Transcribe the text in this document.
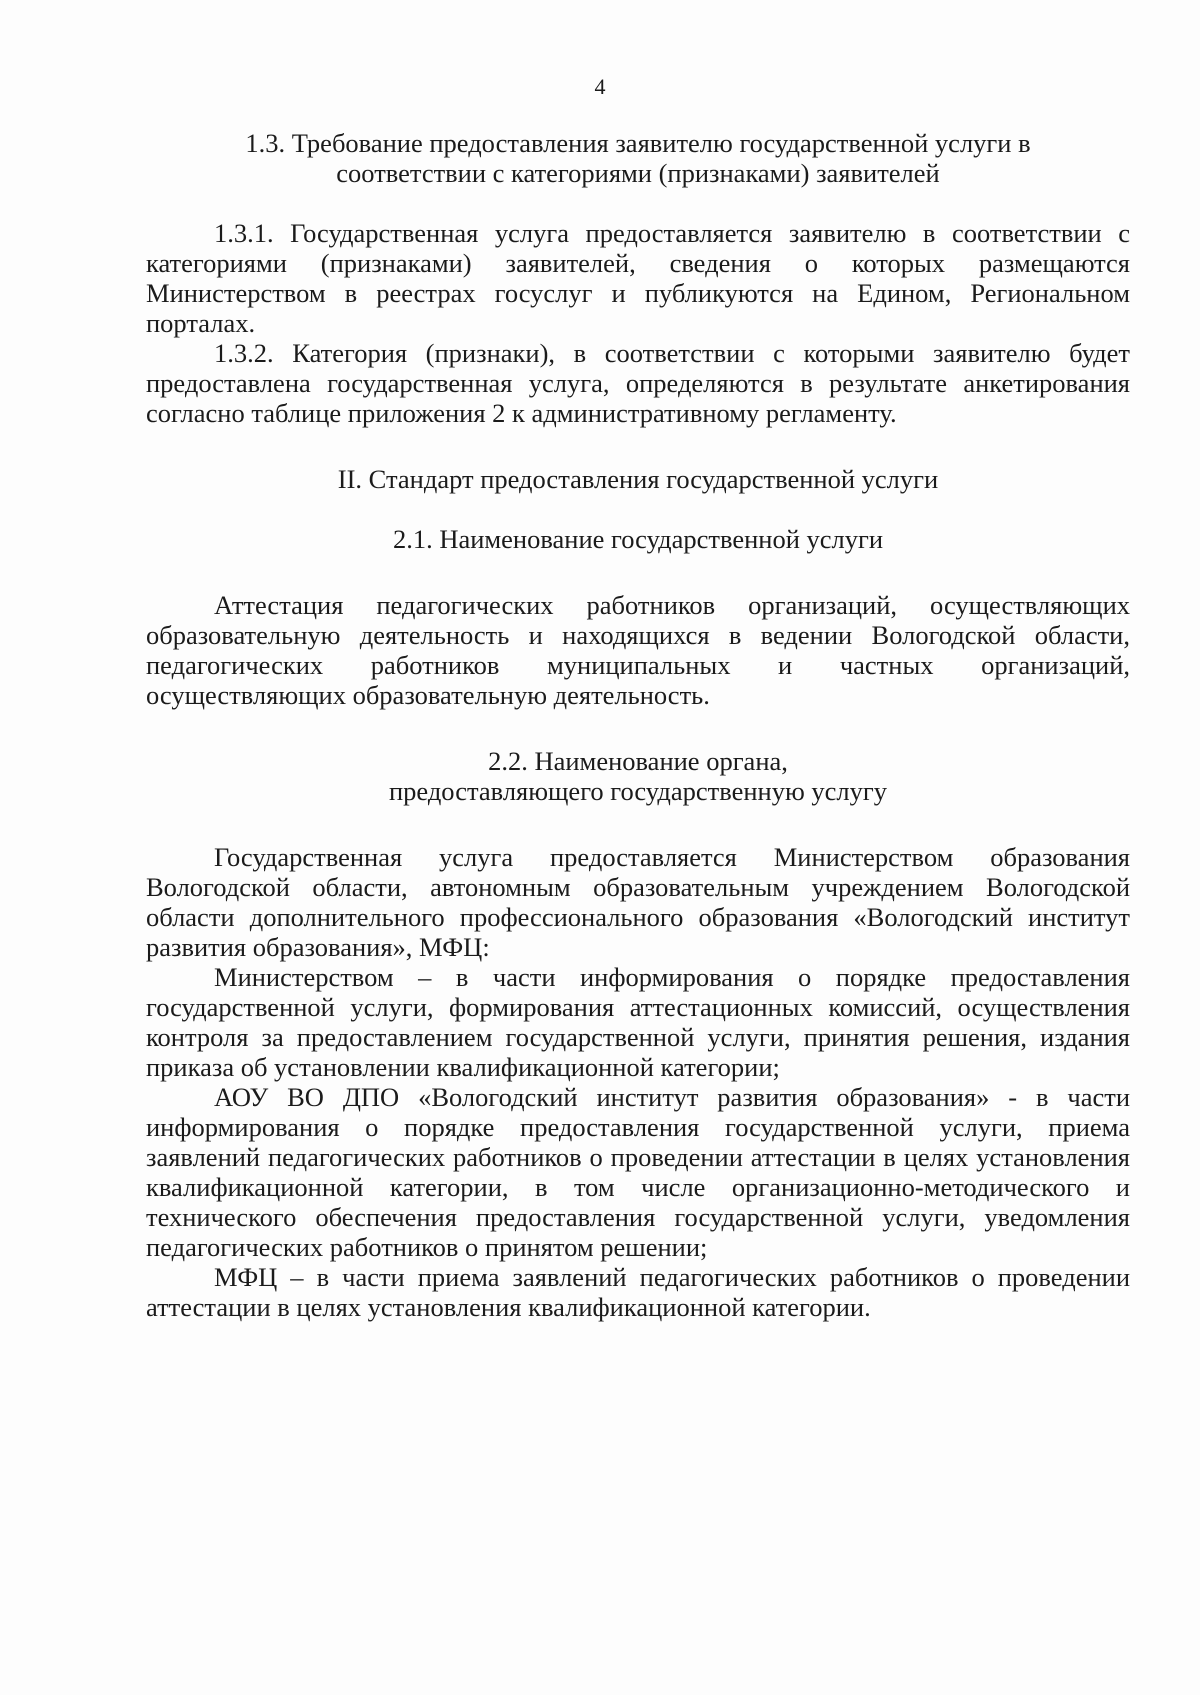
4
1.3. Требование предоставления заявителю государственной услуги в
соответствии с категориями (признаками) заявителей

1.3.1. Государственная услуга предоставляется заявителю в соответствии с категориями (признаками) заявителей, сведения о которых размещаются Министерством в реестрах госуслуг и публикуются на Едином, Региональном порталах.

1.3.2. Категория (признаки), в соответствии с которыми заявителю будет предоставлена государственная услуга, определяются в результате анкетирования согласно таблице приложения 2 к административному регламенту.

II. Стандарт предоставления государственной услуги
2.1. Наименование государственной услуги

Аттестация педагогических работников организаций, осуществляющих образовательную деятельность и находящихся в ведении Вологодской области, педагогических работников муниципальных и частных организаций, осуществляющих образовательную деятельность.

2.2. Наименование органа,
предоставляющего государственную услугу

Государственная услуга предоставляется Министерством образования Вологодской области, автономным образовательным учреждением Вологодской области дополнительного профессионального образования «Вологодский институт развития образования», МФЦ:

Министерством – в части информирования о порядке предоставления государственной услуги, формирования аттестационных комиссий, осуществления контроля за предоставлением государственной услуги, принятия решения, издания приказа об установлении квалификационной категории;

АОУ ВО ДПО «Вологодский институт развития образования» - в части информирования о порядке предоставления государственной услуги, приема заявлений педагогических работников о проведении аттестации в целях установления квалификационной категории, в том числе организационно-методического и технического обеспечения предоставления государственной услуги, уведомления педагогических работников о принятом решении;

МФЦ – в части приема заявлений педагогических работников о проведении аттестации в целях установления квалификационной категории.
